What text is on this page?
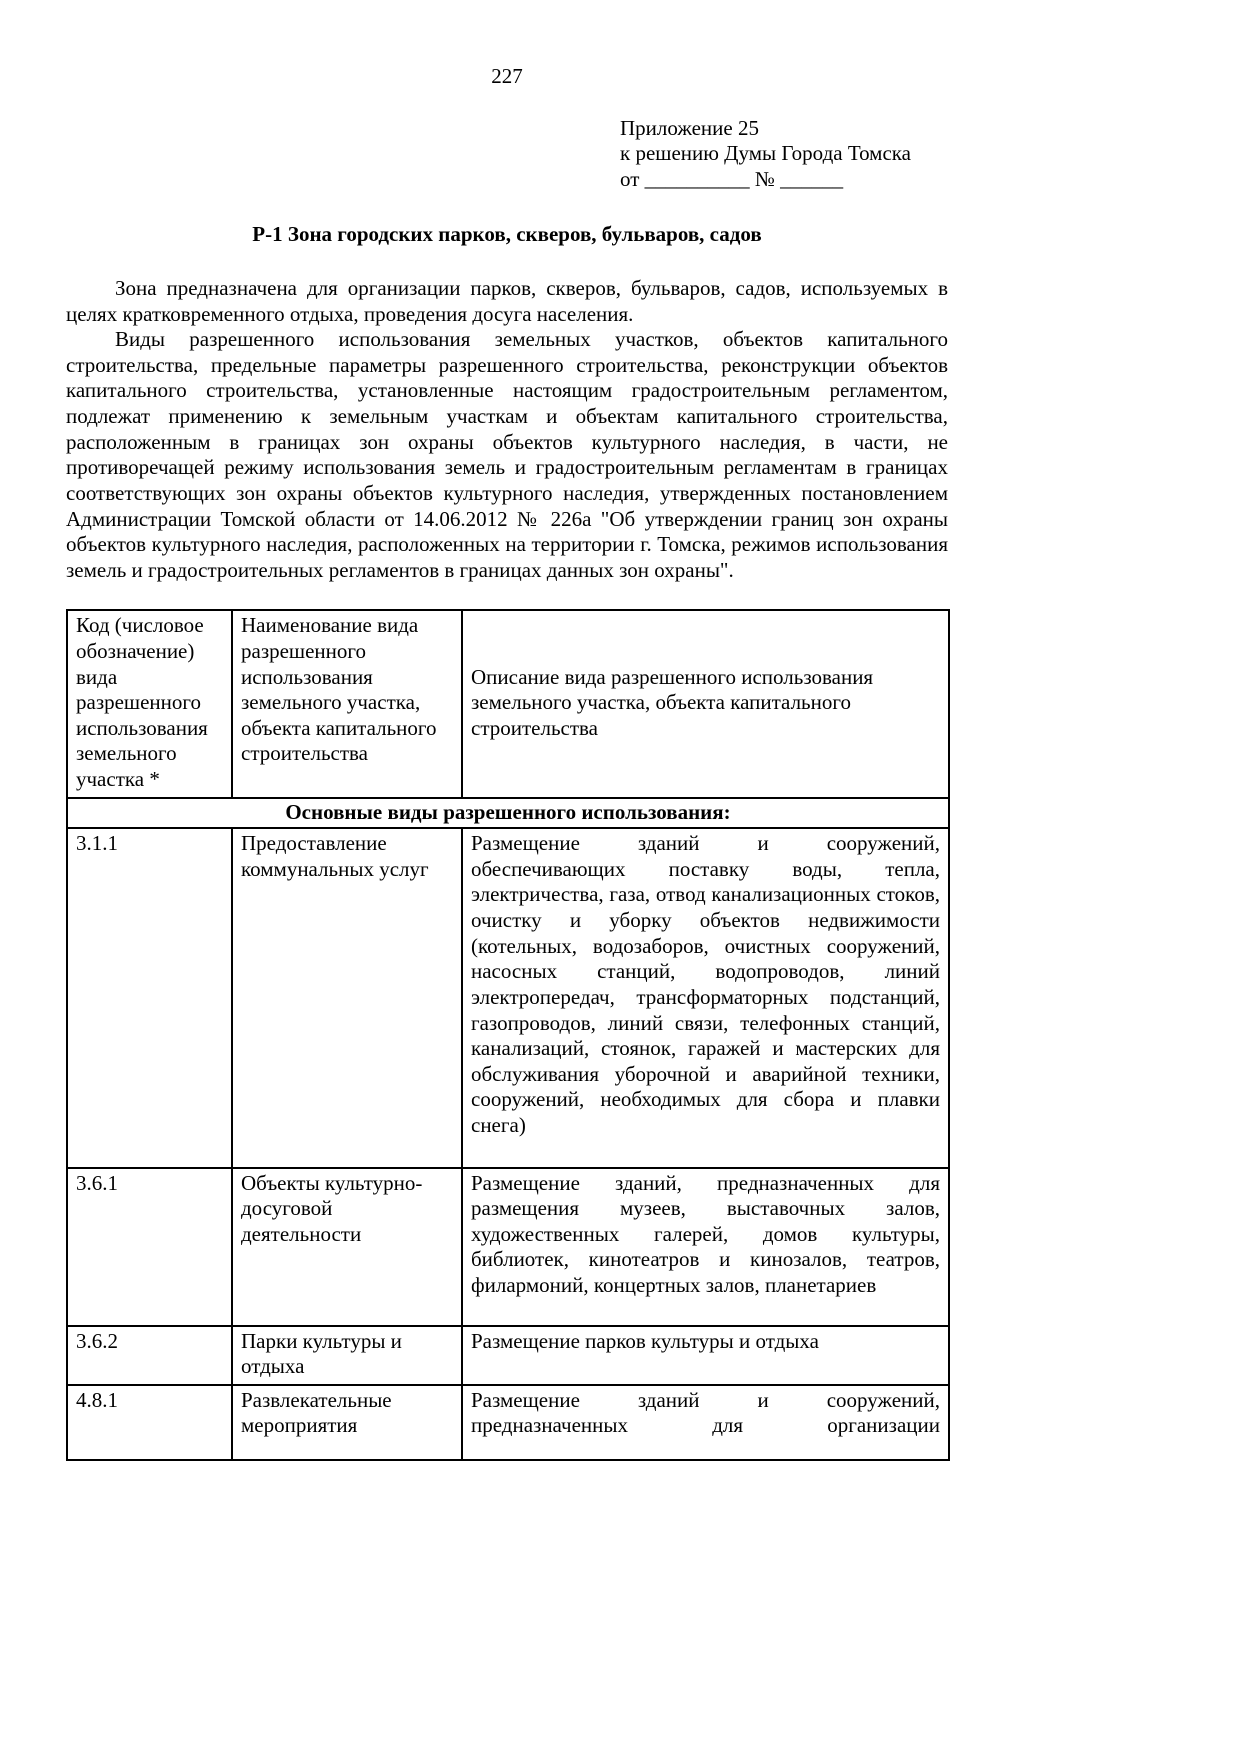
227
Приложение 25
к решению Думы Города Томска
от __________ № ______
Р-1 Зона городских парков, скверов, бульваров, садов

Зона предназначена для организации парков, скверов, бульваров, садов, используемых в целях кратковременного отдыха, проведения досуга населения.

Виды разрешенного использования земельных участков, объектов капитального строительства, предельные параметры разрешенного строительства, реконструкции объектов капитального строительства, установленные настоящим градостроительным регламентом, подлежат применению к земельным участкам и объектам капитального строительства, расположенным в границах зон охраны объектов культурного наследия, в части, не противоречащей режиму использования земель и градостроительным регламентам в границах соответствующих зон охраны объектов культурного наследия, утвержденных постановлением Администрации Томской области от 14.06.2012 № 226а "Об утверждении границ зон охраны объектов культурного наследия, расположенных на территории г. Томска, режимов использования земель и градостроительных регламентов в границах данных зон охраны".

Код (числовое обозначение) вида разрешенного использования земельного участка *	Наименование вида разрешенного использования земельного участка, объекта капитального строительства	Описание вида разрешенного использования земельного участка, объекта капитального строительства
Основные виды разрешенного использования:		
3.1.1	Предоставление коммунальных услуг	Размещение зданий и сооружений, обеспечивающих поставку воды, тепла, электричества, газа, отвод канализационных стоков, очистку и уборку объектов недвижимости (котельных, водозаборов, очистных сооружений, насосных станций, водопроводов, линий электропередач, трансформаторных подстанций, газопроводов, линий связи, телефонных станций, канализаций, стоянок, гаражей и мастерских для обслуживания уборочной и аварийной техники, сооружений, необходимых для сбора и плавки снега)
3.6.1	Объекты культурно-досуговой деятельности	Размещение зданий, предназначенных для размещения музеев, выставочных залов, художественных галерей, домов культуры, библиотек, кинотеатров и кинозалов, театров, филармоний, концертных залов, планетариев
3.6.2	Парки культуры и отдыха	Размещение парков культуры и отдыха
4.8.1	Развлекательные мероприятия	Размещение зданий и сооружений, предназначенных для организации
